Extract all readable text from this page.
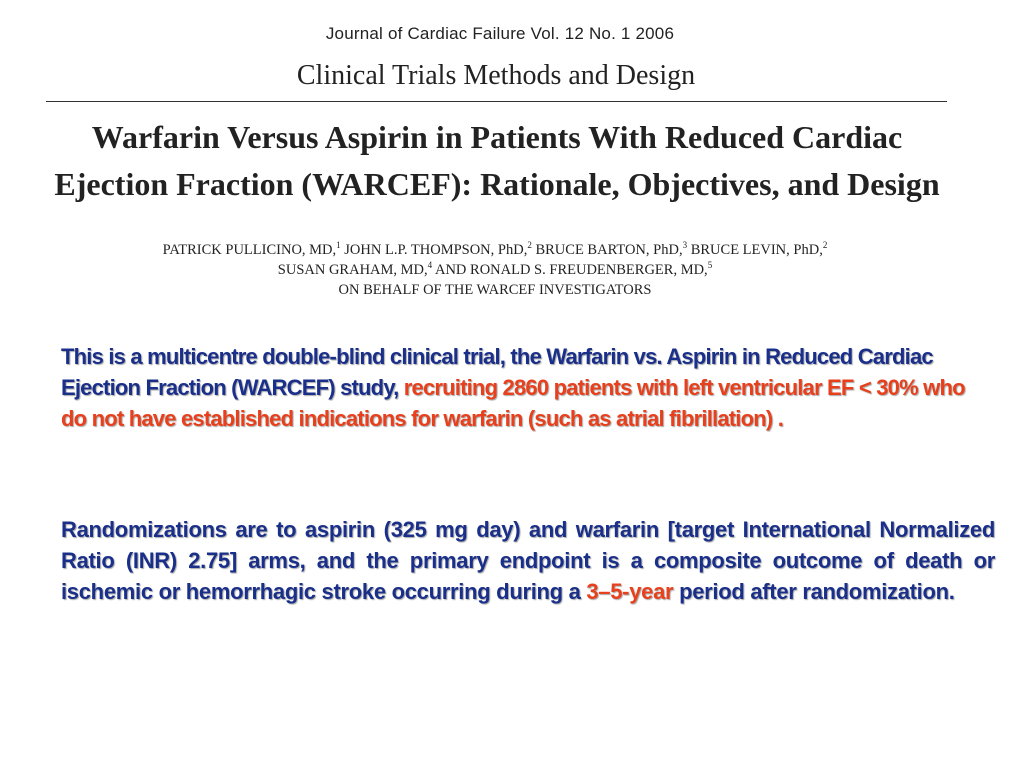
Journal of Cardiac Failure Vol. 12 No. 1 2006
Clinical Trials Methods and Design
Warfarin Versus Aspirin in Patients With Reduced Cardiac
Ejection Fraction (WARCEF): Rationale, Objectives, and Design
PATRICK PULLICINO, MD,$^1$ JOHN L.P. THOMPSON, PhD,$^2$ BRUCE BARTON, PhD,$^3$ BRUCE LEVIN, PhD,$^2$
SUSAN GRAHAM, MD,$^4$ AND RONALD S. FREUDENBERGER, MD,$^5$
ON BEHALF OF THE WARCEF INVESTIGATORS
This is a multicentre double-blind clinical trial, the Warfarin vs. Aspirin in Reduced Cardiac Ejection Fraction (WARCEF) study, recruiting 2860 patients with left ventricular EF < 30% who do not have established indications for warfarin (such as atrial fibrillation) .
Randomizations are to aspirin (325 mg day) and warfarin [target International Normalized Ratio (INR) 2.75] arms, and the primary endpoint is a composite outcome of death or ischemic or hemorrhagic stroke occurring during a 3–5-year period after randomization.
